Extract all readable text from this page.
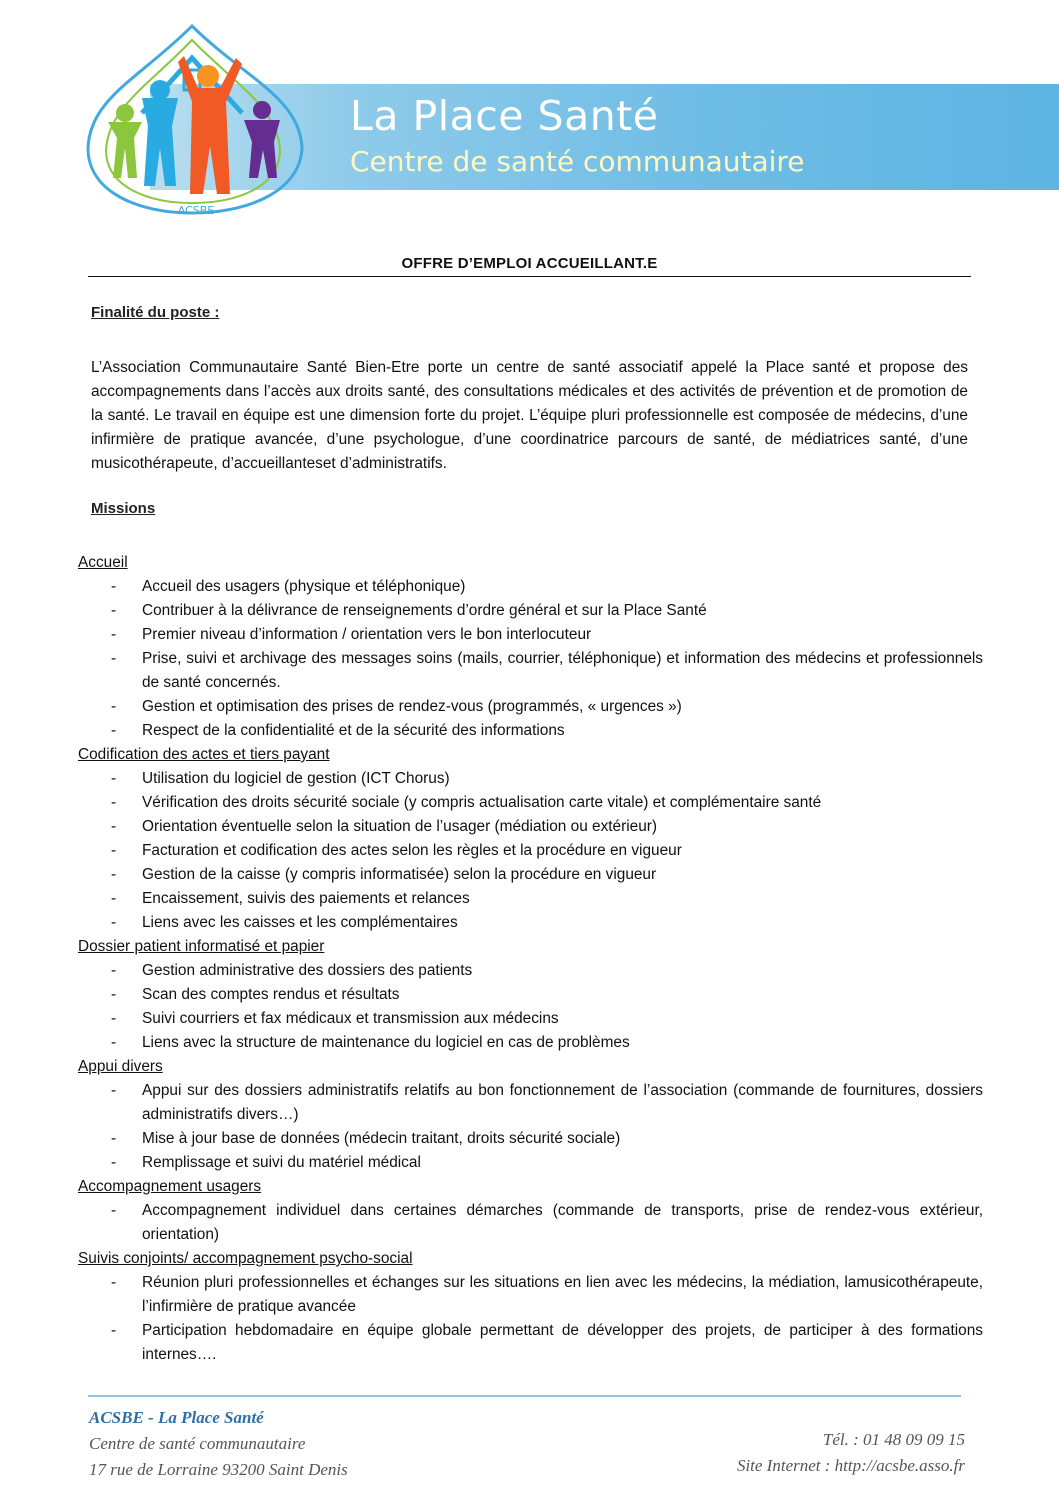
ACSBE
La Place Santé
Centre de santé communautaire
OFFRE D’EMPLOI ACCUEILLANT.E
Finalité du poste :
L’Association Communautaire Santé Bien-Etre porte un centre de santé associatif appelé la Place santé et propose des accompagnements dans l’accès aux droits santé, des consultations médicales et des activités de prévention et de promotion de la santé. Le travail en équipe est une dimension forte du projet. L’équipe pluri professionnelle est composée de médecins, d’une infirmière de pratique avancée, d’une psychologue, d’une coordinatrice parcours de santé, de médiatrices santé, d’une musicothérapeute, d’accueillanteset d’administratifs.
Missions
Accueil
- Accueil des usagers (physique et téléphonique)
- Contribuer à la délivrance de renseignements d’ordre général et sur la Place Santé
- Premier niveau d’information / orientation vers le bon interlocuteur
- Prise, suivi et archivage des messages soins (mails, courrier, téléphonique) et information des médecins et professionnels de santé concernés.
- Gestion et optimisation des prises de rendez-vous (programmés, « urgences »)
- Respect de la confidentialité et de la sécurité des informations
Codification des actes et tiers payant
- Utilisation du logiciel de gestion (ICT Chorus)
- Vérification des droits sécurité sociale (y compris actualisation carte vitale) et complémentaire santé
- Orientation éventuelle selon la situation de l’usager (médiation ou extérieur)
- Facturation et codification des actes selon les règles et la procédure en vigueur
- Gestion de la caisse (y compris informatisée) selon la procédure en vigueur
- Encaissement, suivis des paiements et relances
- Liens avec les caisses et les complémentaires
Dossier patient informatisé et papier
- Gestion administrative des dossiers des patients
- Scan des comptes rendus et résultats
- Suivi courriers et fax médicaux et transmission aux médecins
- Liens avec la structure de maintenance du logiciel en cas de problèmes
Appui divers
- Appui sur des dossiers administratifs relatifs au bon fonctionnement de l’association (commande de fournitures, dossiers administratifs divers…)
- Mise à jour base de données (médecin traitant, droits sécurité sociale)
- Remplissage et suivi du matériel médical
Accompagnement usagers
- Accompagnement individuel dans certaines démarches (commande de transports, prise de rendez-vous extérieur, orientation)
Suivis conjoints/ accompagnement psycho-social
- Réunion pluri professionnelles et échanges sur les situations en lien avec les médecins, la médiation, lamusicothérapeute, l’infirmière de pratique avancée
- Participation hebdomadaire en équipe globale permettant de développer des projets, de participer à des formations internes….
ACSBE - La Place Santé
Centre de santé communautaire
17 rue de Lorraine 93200 Saint Denis
Tél. : 01 48 09 09 15
Site Internet : http://acsbe.asso.fr
